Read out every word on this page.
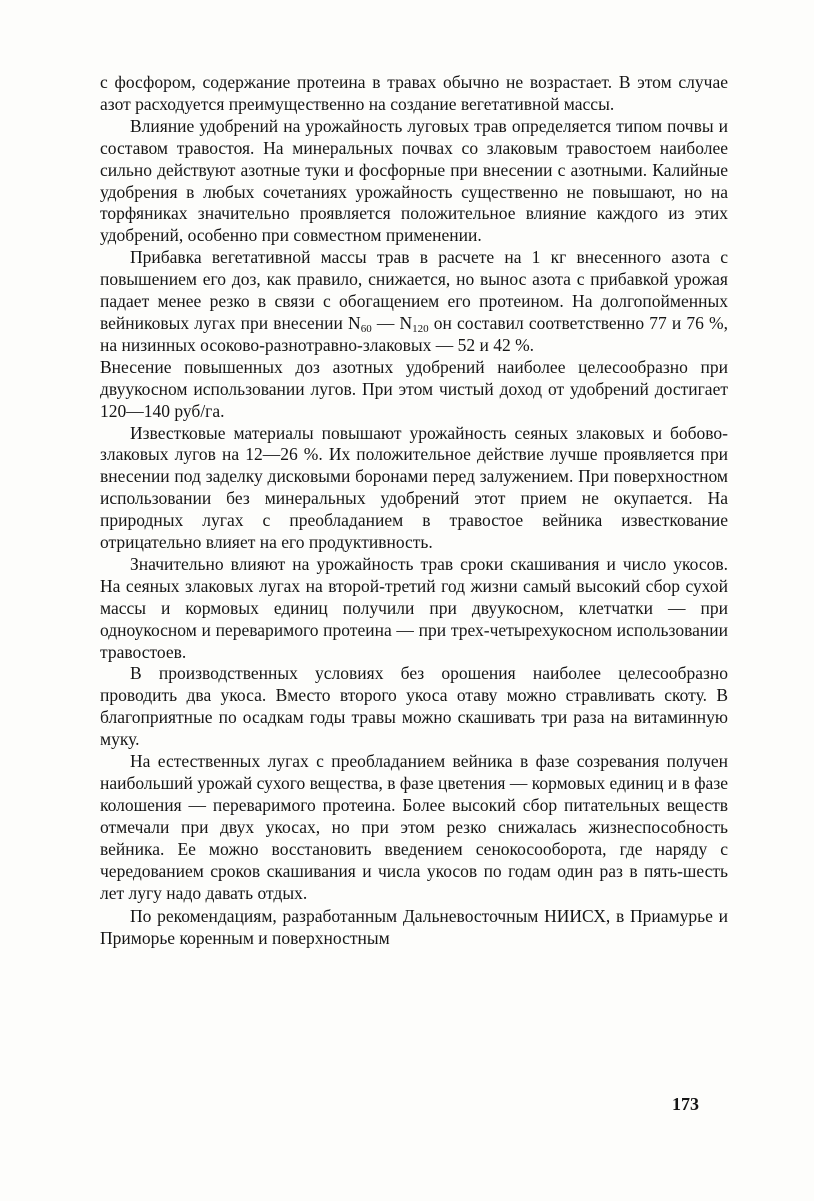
с фосфором, содержание протеина в травах обычно не возрастает. В этом случае азот расходуется преимущественно на создание вегетативной массы.

Влияние удобрений на урожайность луговых трав определяется типом почвы и составом травостоя. На минеральных почвах со злаковым травостоем наиболее сильно действуют азотные туки и фосфорные при внесении с азотными. Калийные удобрения в любых сочетаниях урожайность существенно не повышают, но на торфяниках значительно проявляется положительное влияние каждого из этих удобрений, особенно при совместном применении.

Прибавка вегетативной массы трав в расчете на 1 кг внесенного азота с повышением его доз, как правило, снижается, но вынос азота с прибавкой урожая падает менее резко в связи с обогащением его протеином. На долгопойменных вейниковых лугах при внесении $N_{60}$ — $N_{120}$ он составил соответственно 77 и 76 %, на низинных осоково-разнотравно-злаковых — 52 и 42 %.
Внесение повышенных доз азотных удобрений наиболее целесообразно при двуукосном использовании лугов. При этом чистый доход от удобрений достигает 120—140 руб/га.

Известковые материалы повышают урожайность сеяных злаковых и бобово-злаковых лугов на 12—26 %. Их положительное действие лучше проявляется при внесении под заделку дисковыми боронами перед залужением. При поверхностном использовании без минеральных удобрений этот прием не окупается. На природных лугах с преобладанием в травостое вейника известкование отрицательно влияет на его продуктивность.

Значительно влияют на урожайность трав сроки скашивания и число укосов. На сеяных злаковых лугах на второй-третий год жизни самый высокий сбор сухой массы и кормовых единиц получили при двуукосном, клетчатки — при одноукосном и переваримого протеина — при трех-четырехукосном использовании травостоев.

В производственных условиях без орошения наиболее целесообразно проводить два укоса. Вместо второго укоса отаву можно стравливать скоту. В благоприятные по осадкам годы травы можно скашивать три раза на витаминную муку.

На естественных лугах с преобладанием вейника в фазе созревания получен наибольший урожай сухого вещества, в фазе цветения — кормовых единиц и в фазе колошения — переваримого протеина. Более высокий сбор питательных веществ отмечали при двух укосах, но при этом резко снижалась жизнеспособность вейника. Ее можно восстановить введением сенокосооборота, где наряду с чередованием сроков скашивания и числа укосов по годам один раз в пять-шесть лет лугу надо давать отдых.

По рекомендациям, разработанным Дальневосточным НИИСХ, в Приамурье и Приморье коренным и поверхностным

173
